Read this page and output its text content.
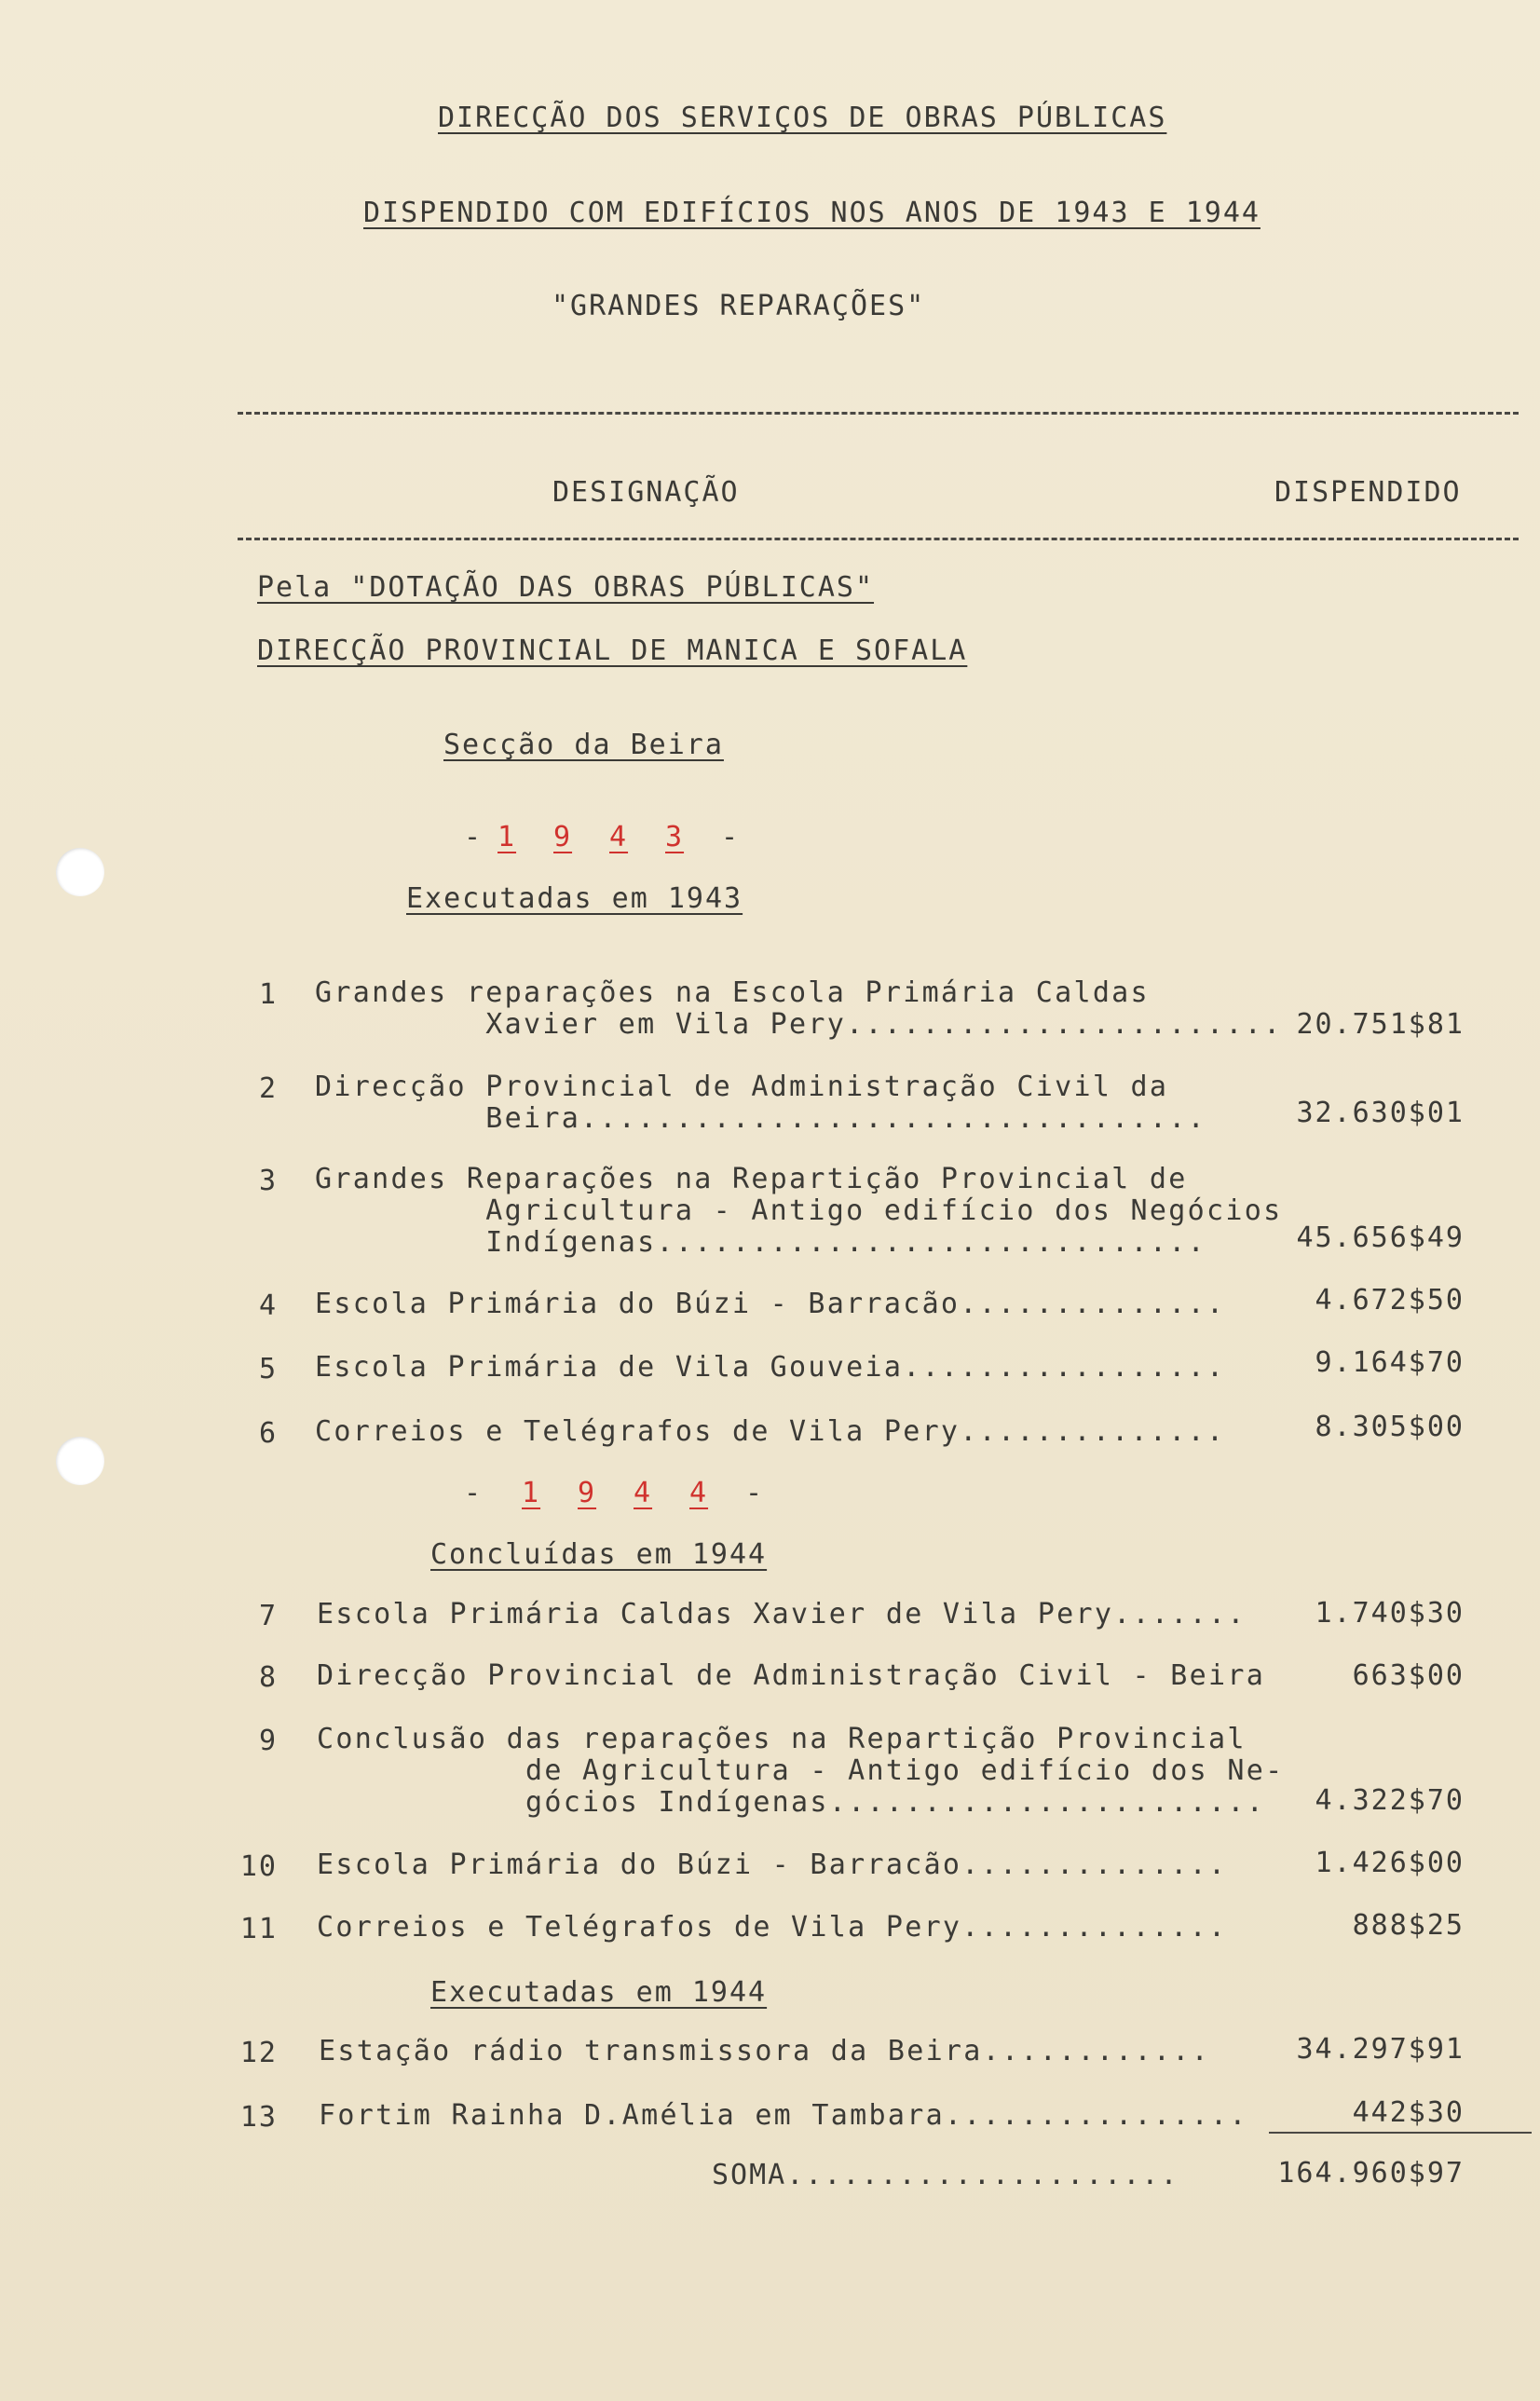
DIRECÇÃO DOS SERVIÇOS DE OBRAS PÚBLICAS
DISPENDIDO COM EDIFÍCIOS NOS ANOS DE 1943 E 1944
"GRANDES REPARAÇÕES"
DESIGNAÇÃO	DISPENDIDO
Pela "DOTAÇÃO DAS OBRAS PÚBLICAS"
DIRECÇÃO PROVINCIAL DE MANICA E SOFALA
Secção da Beira
- 1 9 4 3 -
Executadas em 1943
1 Grandes reparações na Escola Primária Caldas
Xavier em Vila Pery....................... 20.751$81
2 Direcção Provincial de Administração Civil da
Beira.................................	32.630$01
3 Grandes Reparações na Repartição Provincial de
Agricultura - Antigo edifício dos Negócios
Indígenas.............................	45.656$49
4 Escola Primária do Búzi - Barracão..............	4.672$50
5 Escola Primária de Vila Gouveia.................	9.164$70
6 Correios e Telégrafos de Vila Pery..............	8.305$00
- 1 9 4 4 -
Concluídas em 1944
7 Escola Primária Caldas Xavier de Vila Pery.......	1.740$30
8 Direcção Provincial de Administração Civil - Beira	663$00
9 Conclusão das reparações na Repartição Provincial
de Agricultura - Antigo edifício dos Ne-
gócios Indígenas.......................	4.322$70
10 Escola Primária do Búzi - Barracão..............	1.426$00
11 Correios e Telégrafos de Vila Pery..............	888$25
Executadas em 1944
12 Estação rádio transmissora da Beira............	34.297$91
13 Fortim Rainha D.Amélia em Tambara................	442$30
SOMA.....................	164.960$97
